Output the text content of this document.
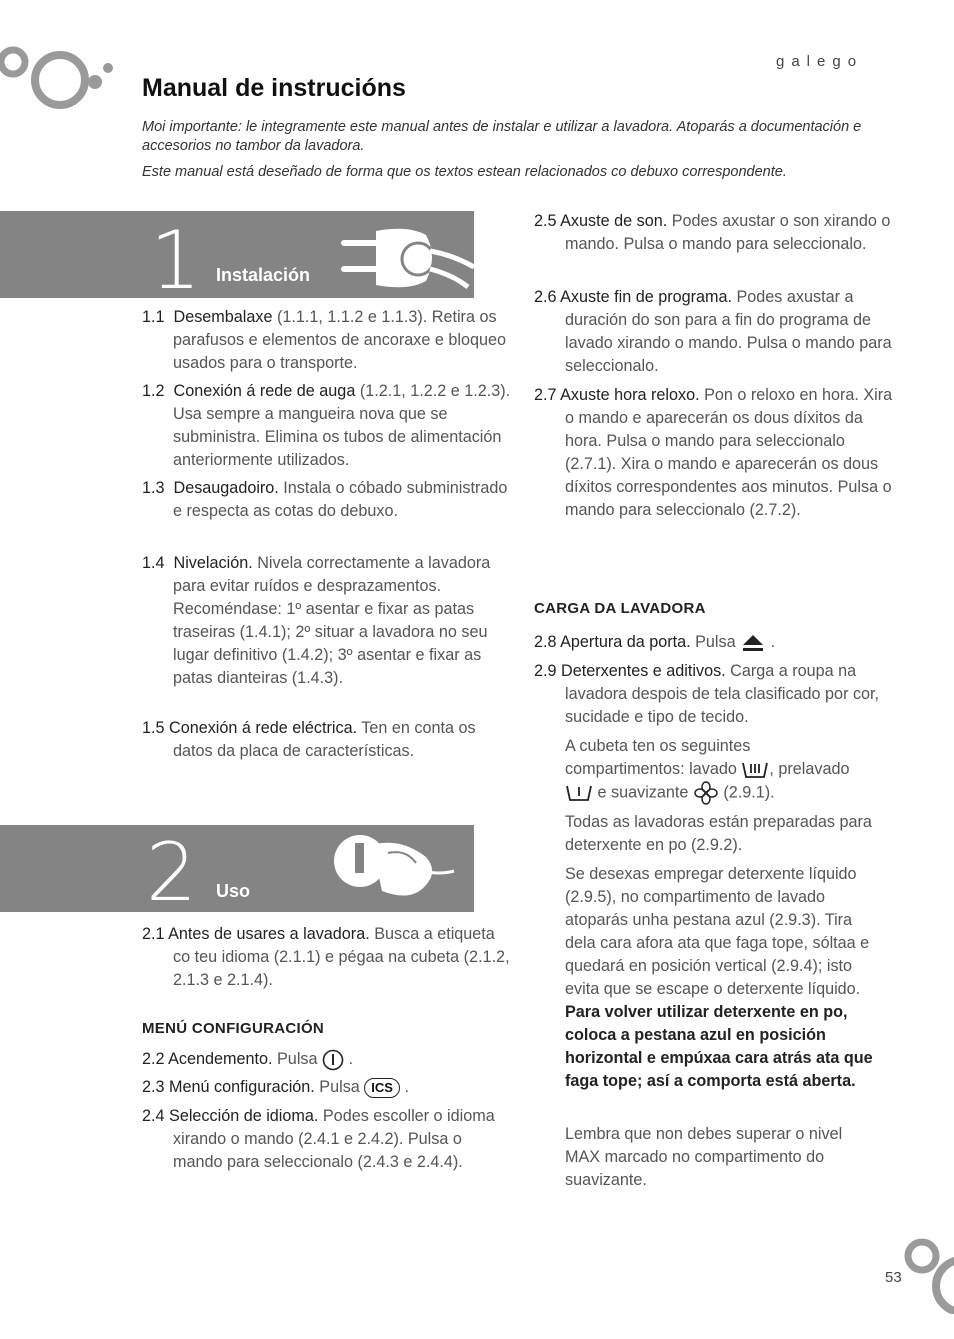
galego
Manual de instrucións
Moi importante: le integramente este manual antes de instalar e utilizar a lavadora. Atoparás a documentación e accesorios no tambor da lavadora.
Este manual está deseñado de forma que os textos estean relacionados co debuxo correspondente.
1 Instalación
1.1 Desembalaxe (1.1.1, 1.1.2 e 1.1.3). Retira os parafusos e elementos de ancoraxe e bloqueo usados para o transporte.
1.2 Conexión á rede de auga (1.2.1, 1.2.2 e 1.2.3). Usa sempre a mangueira nova que se subministra. Elimina os tubos de alimentación anteriormente utilizados.
1.3 Desaugadoiro. Instala o cóbado subministrado e respecta as cotas do debuxo.
1.4 Nivelación. Nivela correctamente a lavadora para evitar ruídos e desprazamentos. Recoméndase: 1º asentar e fixar as patas traseiras (1.4.1); 2º situar a lavadora no seu lugar definitivo (1.4.2); 3º asentar e fixar as patas dianteiras (1.4.3).
1.5 Conexión á rede eléctrica. Ten en conta os datos da placa de características.
2 Uso
2.1 Antes de usares a lavadora. Busca a etiqueta co teu idioma (2.1.1) e pégaa na cubeta (2.1.2, 2.1.3 e 2.1.4).
MENÚ CONFIGURACIÓN
2.2 Acendemento. Pulsa .
2.3 Menú configuración. Pulsa ICS .
2.4 Selección de idioma. Podes escoller o idioma xirando o mando (2.4.1 e 2.4.2). Pulsa o mando para seleccionalo (2.4.3 e 2.4.4).
2.5 Axuste de son. Podes axustar o son xirando o mando. Pulsa o mando para seleccionalo.
2.6 Axuste fin de programa. Podes axustar a duración do son para a fin do programa de lavado xirando o mando. Pulsa o mando para seleccionalo.
2.7 Axuste hora reloxo. Pon o reloxo en hora. Xira o mando e aparecerán os dous díxitos da hora. Pulsa o mando para seleccionalo (2.7.1). Xira o mando e aparecerán os dous díxitos correspondentes aos minutos. Pulsa o mando para seleccionalo (2.7.2).
CARGA DA LAVADORA
2.8 Apertura da porta. Pulsa .
2.9 Deterxentes e aditivos. Carga a roupa na lavadora despois de tela clasificado por cor, sucidade e tipo de tecido.
A cubeta ten os seguintes compartimentos: lavado , prelavado  e suavizante  (2.9.1).
Todas as lavadoras están preparadas para deterxente en po (2.9.2).
Se desexas empregar deterxente líquido (2.9.5), no compartimento de lavado atoparás unha pestana azul (2.9.3). Tira dela cara afora ata que faga tope, sóltaa e quedará en posición vertical (2.9.4); isto evita que se escape o deterxente líquido. Para volver utilizar deterxente en po, coloca a pestana azul en posición horizontal e empúxaa cara atrás ata que faga tope; así a comporta está aberta.
Lembra que non debes superar o nivel MAX marcado no compartimento do suavizante.
53
